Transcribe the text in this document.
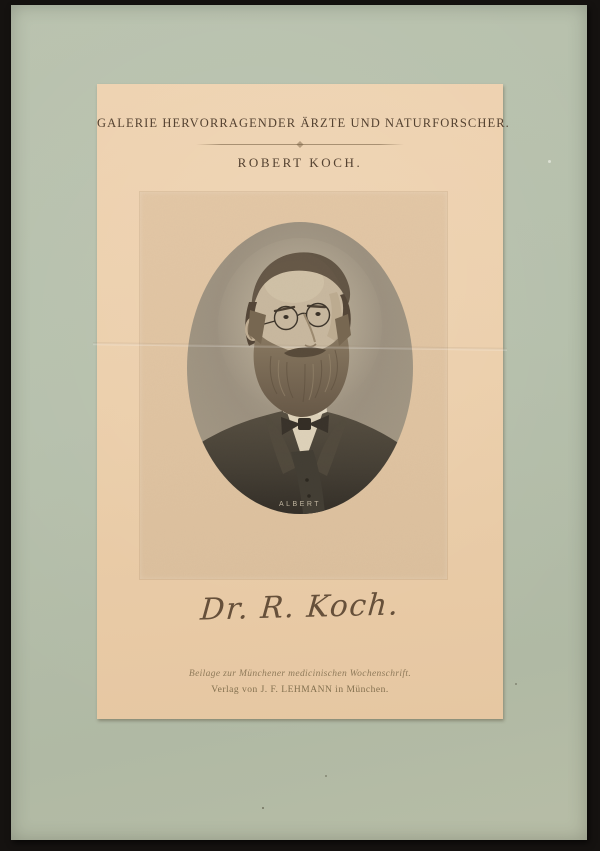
GALERIE HERVORRAGENDER ÄRZTE UND NATURFORSCHER.
ROBERT KOCH.
ALBERT
Dr. R. Koch.
Beilage zur Münchener medicinischen Wochenschrift.
Verlag von J. F. LEHMANN in München.
